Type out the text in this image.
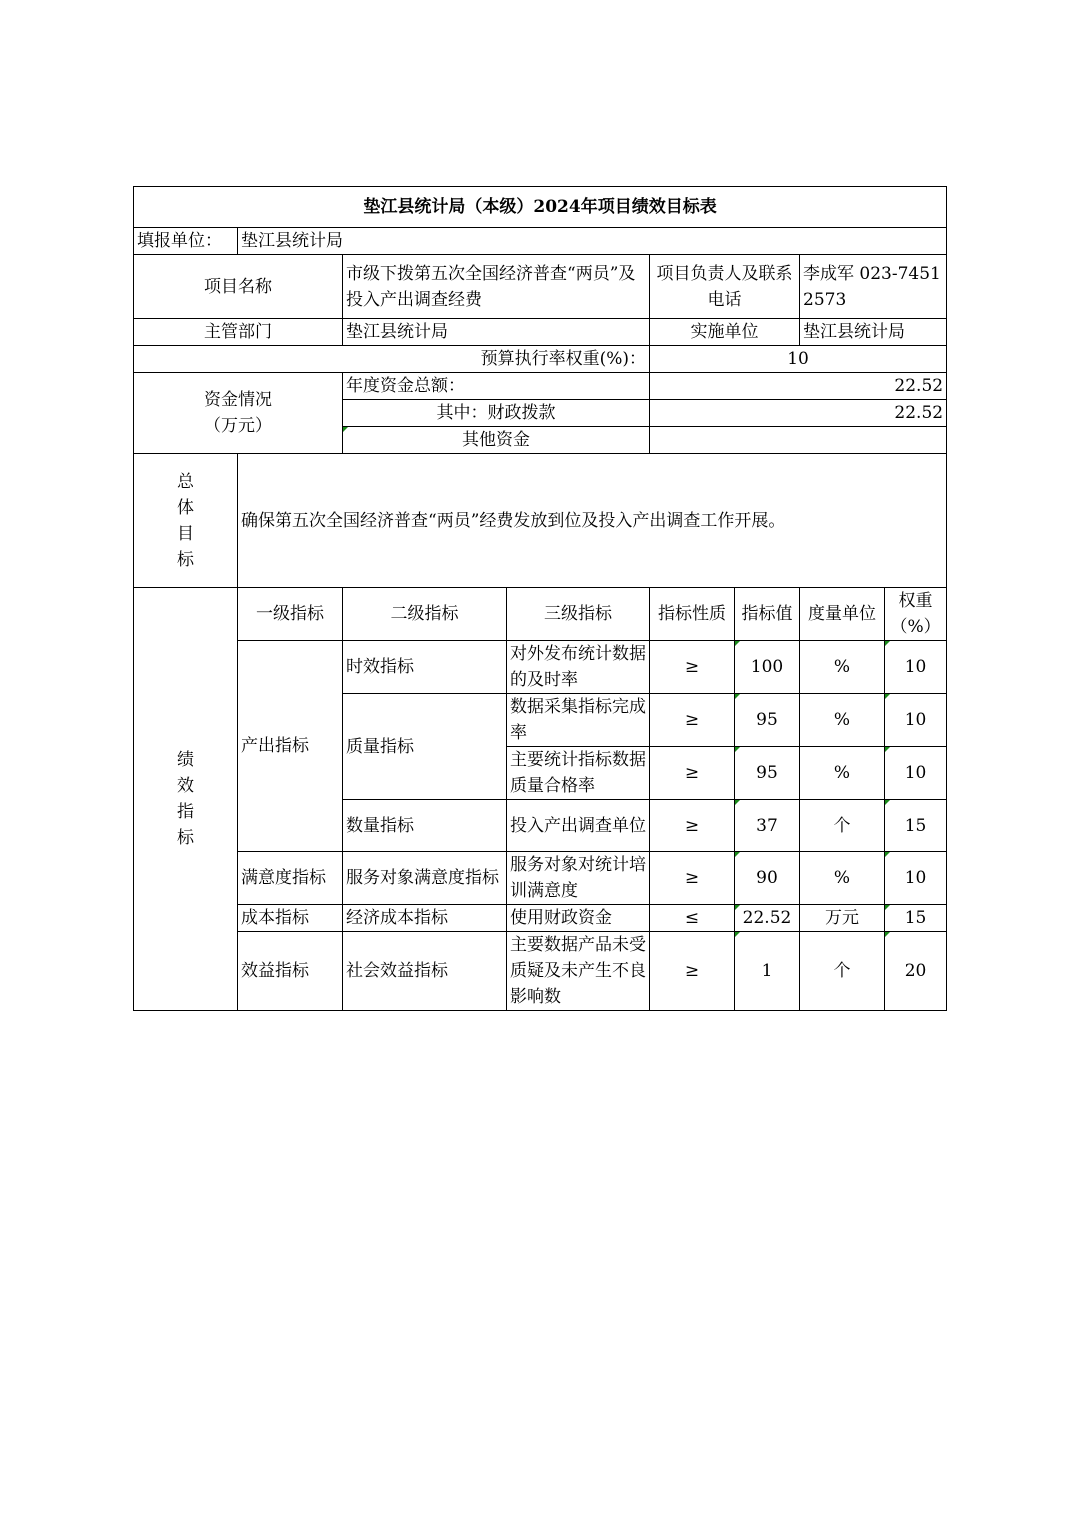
垫江县统计局（本级）2024年项目绩效目标表							
填报单位：	垫江县统计局						
项目名称		市级下拨第五次全国经济普查“两员”及投入产出调查经费		项目负责人及联系电话		李成军 023-74512573	
主管部门		垫江县统计局		实施单位		垫江县统计局	
预算执行率权重(%)：				10			

资金情况
（万元）		年度资金总额：		22.52			
		其中：财政拨款		22.52			
		其他资金					

总
体
目
标	确保第五次全国经济普查“两员”经费发放到位及投入产出调查工作开展。						

绩
效
指
标	一级指标	二级指标	三级指标	指标性质	指标值	度量单位	权重（%）
	产出指标	时效指标	对外发布统计数据的及时率	≥	100	%	10
		质量指标	数据采集指标完成率	≥	95	%	10
			主要统计指标数据质量合格率	≥	95	%	10
		数量指标	投入产出调查单位	≥	37	个	15
	满意度指标	服务对象满意度指标	服务对象对统计培训满意度	≥	90	%	10
	成本指标	经济成本指标	使用财政资金	≤	22.52	万元	15
	效益指标	社会效益指标	主要数据产品未受质疑及未产生不良影响数	≥	1	个	20
